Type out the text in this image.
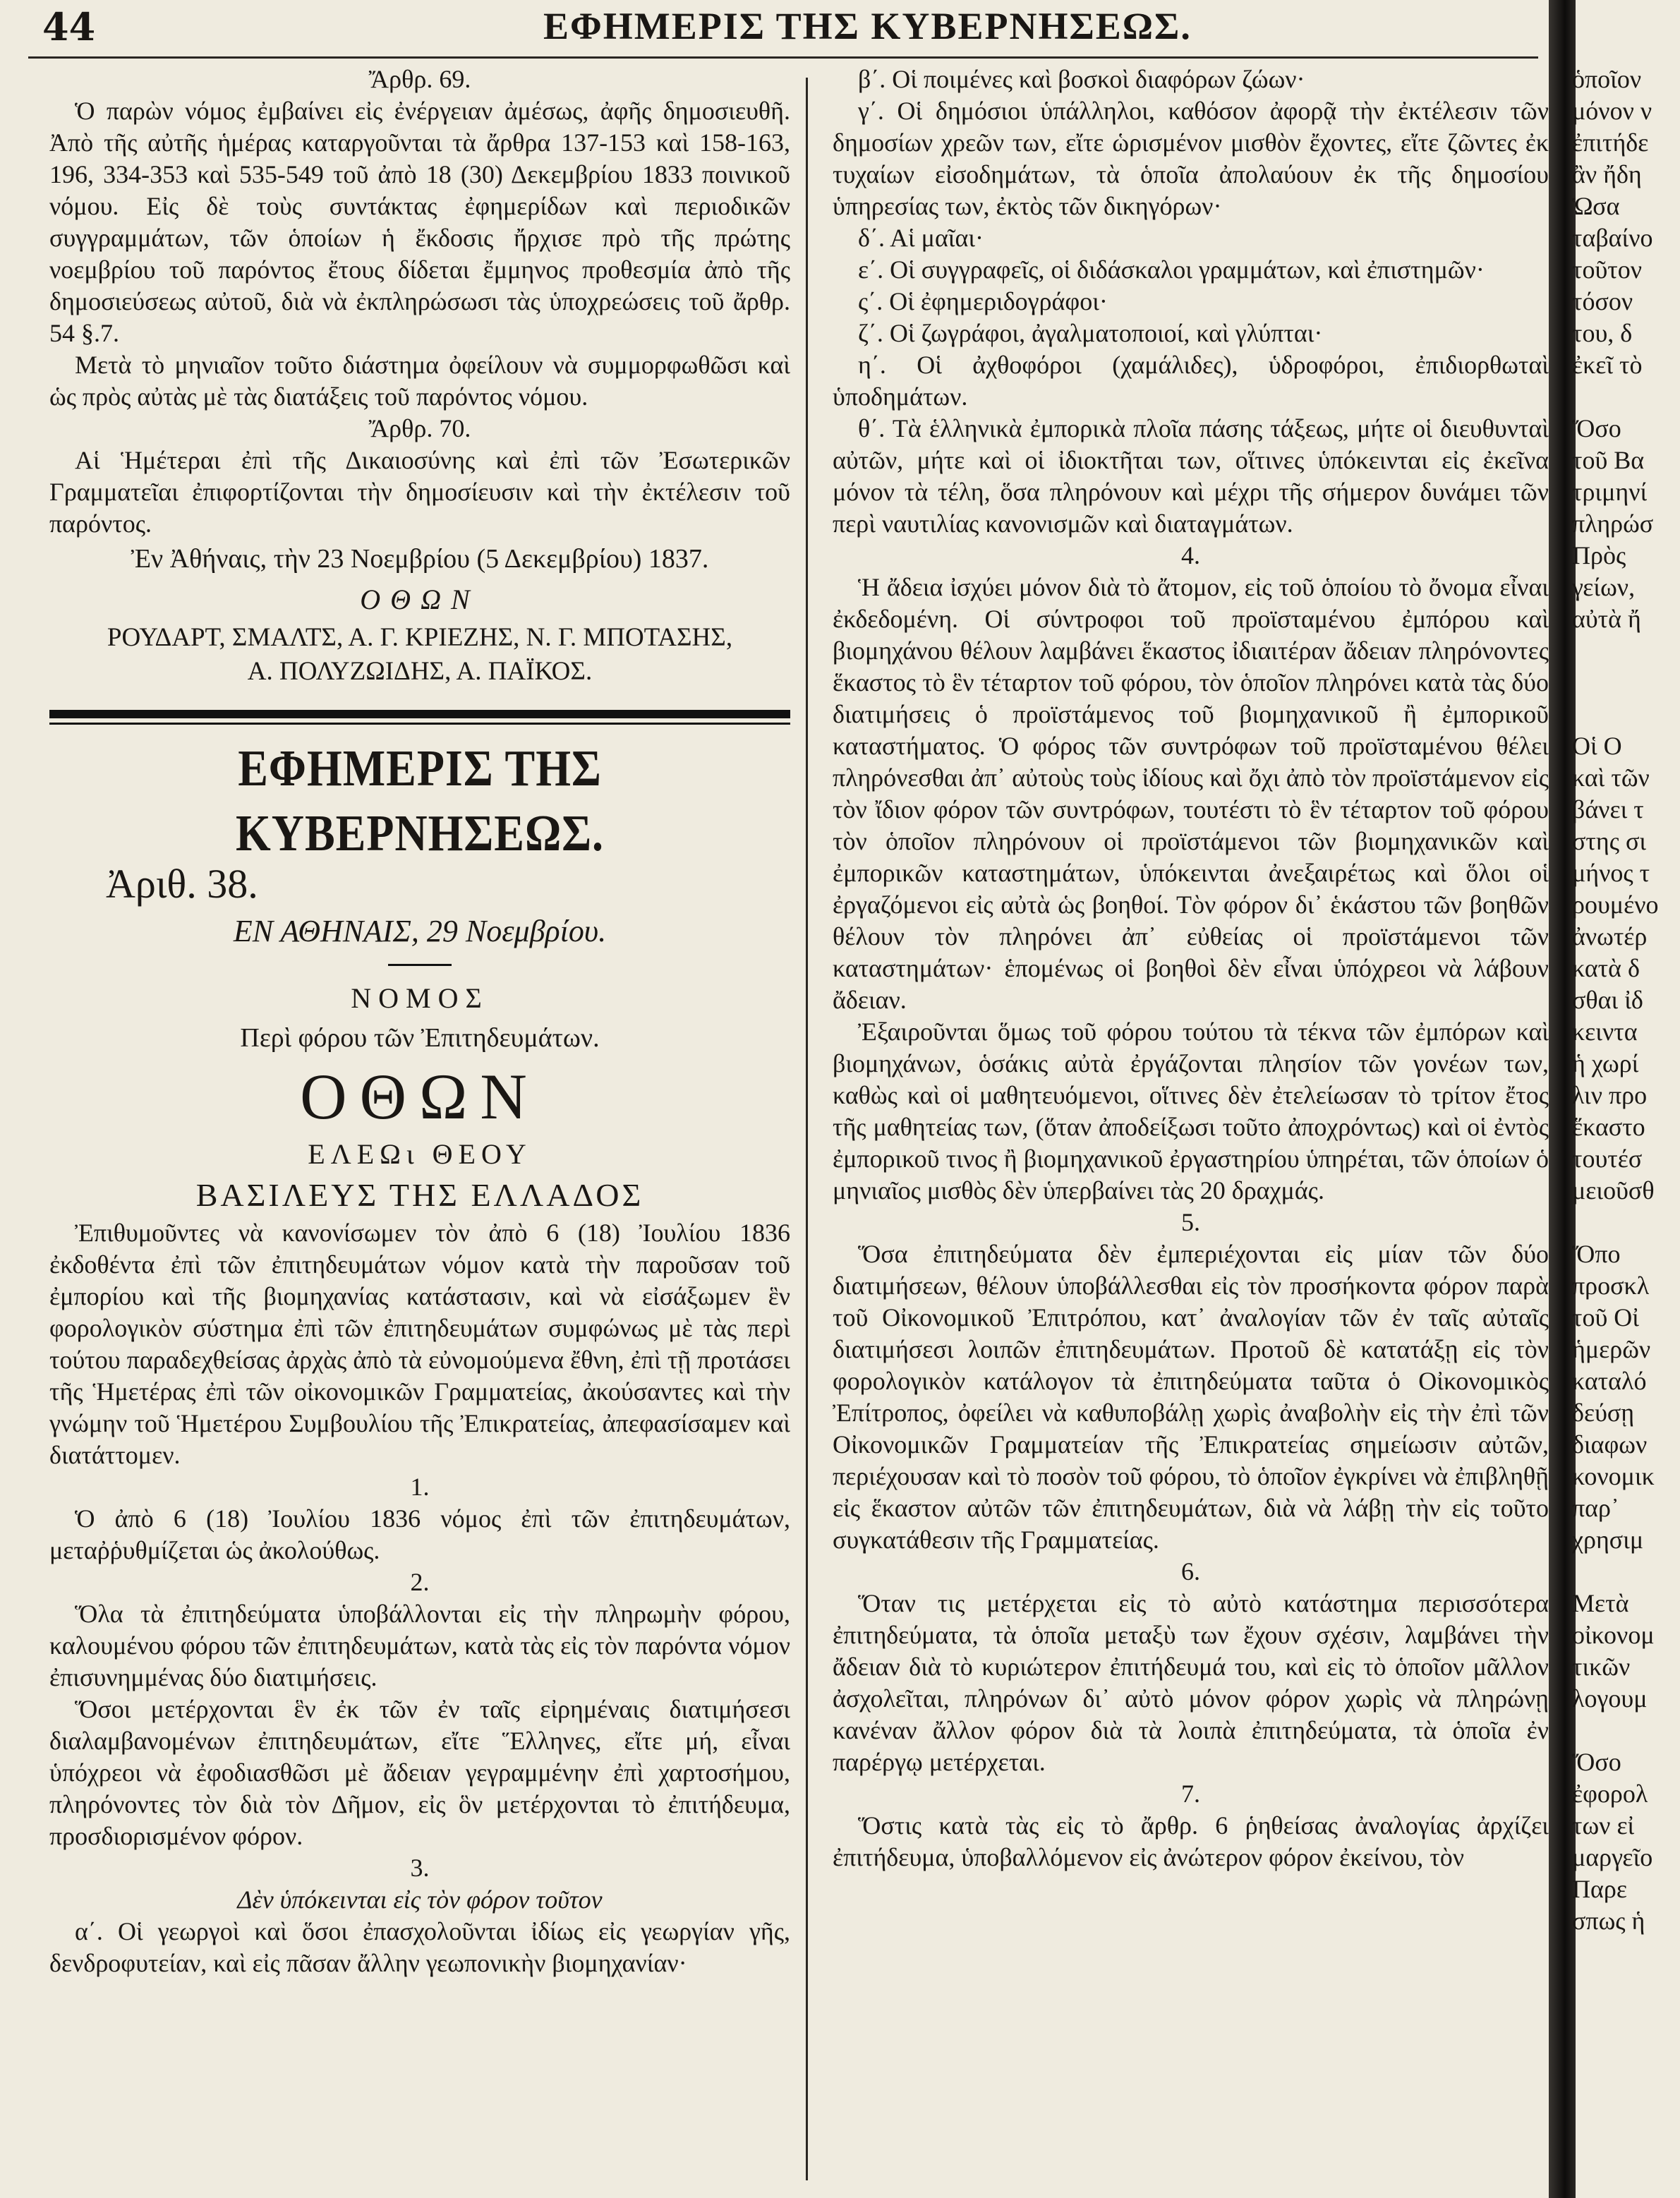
44	ΕΦΗΜΕΡΙΣ ΤΗΣ ΚΥΒΕΡΝΗΣΕΩΣ.
Ἄρθρ. 69.

Ὁ παρὼν νόμος ἐμβαίνει εἰς ἐνέργειαν ἀμέσως, ἀφῆς δημοσιευθῆ. Ἀπὸ τῆς αὐτῆς ἡμέρας καταργοῦνται τὰ ἄρθρα 137-153 καὶ 158-163, 196, 334-353 καὶ 535-549 τοῦ ἀπὸ 18 (30) Δεκεμβρίου 1833 ποινικοῦ νόμου. Εἰς δὲ τοὺς συντάκτας ἐφημερίδων καὶ περιοδικῶν συγγραμμάτων, τῶν ὁποίων ἡ ἔκδοσις ἤρχισε πρὸ τῆς πρώτης νοεμβρίου τοῦ παρόντος ἔτους δίδεται ἔμμηνος προθεσμία ἀπὸ τῆς δημοσιεύσεως αὐτοῦ, διὰ νὰ ἐκπληρώσωσι τὰς ὑποχρεώσεις τοῦ ἄρθρ. 54 §.7.

Μετὰ τὸ μηνιαῖον τοῦτο διάστημα ὀφείλουν νὰ συμμορφωθῶσι καὶ ὡς πρὸς αὐτὰς μὲ τὰς διατάξεις τοῦ παρόντος νόμου.

Ἄρθρ. 70.

Αἱ Ἡμέτεραι ἐπὶ τῆς Δικαιοσύνης καὶ ἐπὶ τῶν Ἐσωτερικῶν Γραμματεῖαι ἐπιφορτίζονται τὴν δημοσίευσιν καὶ τὴν ἐκτέλεσιν τοῦ παρόντος.

Ἐν Ἀθήναις, τὴν 23 Νοεμβρίου (5 Δεκεμβρίου) 1837.
ΟΘΩΝ
ΡΟΥΔΑΡΤ, ΣΜΑΛΤΣ, Α. Γ. ΚΡΙΕΖΗΣ, Ν. Γ. ΜΠΟΤΑΣΗΣ,
Α. ΠΟΛΥΖΩΙΔΗΣ, Α. ΠΑΪΚΟΣ.
ΕΦΗΜΕΡΙΣ ΤΗΣ ΚΥΒΕΡΝΗΣΕΩΣ.
Ἀριθ. 38.
ΕΝ ΑΘΗΝΑΙΣ, 29 Νοεμβρίου.
ΝΟΜΟΣ
Περὶ φόρου τῶν Ἐπιτηδευμάτων.
ΟΘΩΝ
ΕΛΕΩι ΘΕΟΥ
ΒΑΣΙΛΕΥΣ ΤΗΣ ΕΛΛΑΔΟΣ

Ἐπιθυμοῦντες νὰ κανονίσωμεν τὸν ἀπὸ 6 (18) Ἰουλίου 1836 ἐκδοθέντα ἐπὶ τῶν ἐπιτηδευμάτων νόμον κατὰ τὴν παροῦσαν τοῦ ἐμπορίου καὶ τῆς βιομηχανίας κατάστασιν, καὶ νὰ εἰσάξωμεν ἓν φορολογικὸν σύστημα ἐπὶ τῶν ἐπιτηδευμάτων συμφώνως μὲ τὰς περὶ τούτου παραδεχθείσας ἀρχὰς ἀπὸ τὰ εὐνομούμενα ἔθνη, ἐπὶ τῇ προτάσει τῆς Ἡμετέρας ἐπὶ τῶν οἰκονομικῶν Γραμματείας, ἀκούσαντες καὶ τὴν γνώμην τοῦ Ἡμετέρου Συμβουλίου τῆς Ἐπικρατείας, ἀπεφασίσαμεν καὶ διατάττομεν.

1.

Ὁ ἀπὸ 6 (18) Ἰουλίου 1836 νόμος ἐπὶ τῶν ἐπιτηδευμάτων, μεταῤῥυθμίζεται ὡς ἀκολούθως.

2.

Ὅλα τὰ ἐπιτηδεύματα ὑποβάλλονται εἰς τὴν πληρωμὴν φόρου, καλουμένου φόρου τῶν ἐπιτηδευμάτων, κατὰ τὰς εἰς τὸν παρόντα νόμον ἐπισυνημμένας δύο διατιμήσεις.

Ὅσοι μετέρχονται ἓν ἐκ τῶν ἐν ταῖς εἰρημέναις διατιμήσεσι διαλαμβανομένων ἐπιτηδευμάτων, εἴτε Ἕλληνες, εἴτε μή, εἶναι ὑπόχρεοι νὰ ἐφοδιασθῶσι μὲ ἄδειαν γεγραμμένην ἐπὶ χαρτοσήμου, πληρόνοντες τὸν διὰ τὸν Δῆμον, εἰς ὃν μετέρχονται τὸ ἐπιτήδευμα, προσδιορισμένον φόρον.

3.
Δὲν ὑπόκεινται εἰς τὸν φόρον τοῦτον

α΄. Οἱ γεωργοὶ καὶ ὅσοι ἐπασχολοῦνται ἰδίως εἰς γεωργίαν γῆς, δενδροφυτείαν, καὶ εἰς πᾶσαν ἄλλην γεωπονικὴν βιομηχανίαν·

β΄. Οἱ ποιμένες καὶ βοσκοὶ διαφόρων ζώων·

γ΄. Οἱ δημόσιοι ὑπάλληλοι, καθόσον ἀφορᾷ τὴν ἐκτέλεσιν τῶν δημοσίων χρεῶν των, εἴτε ὡρισμένον μισθὸν ἔχοντες, εἴτε ζῶντες ἐκ τυχαίων εἰσοδημάτων, τὰ ὁποῖα ἀπολαύουν ἐκ τῆς δημοσίου ὑπηρεσίας των, ἐκτὸς τῶν δικηγόρων·

δ΄. Αἱ μαῖαι·

ε΄. Οἱ συγγραφεῖς, οἱ διδάσκαλοι γραμμάτων, καὶ ἐπιστημῶν·

ς΄. Οἱ ἐφημεριδογράφοι·

ζ΄. Οἱ ζωγράφοι, ἀγαλματοποιοί, καὶ γλύπται·

η΄. Οἱ ἀχθοφόροι (χαμάλιδες), ὑδροφόροι, ἐπιδιορθωταὶ ὑποδημάτων.

θ΄. Τὰ ἑλληνικὰ ἐμπορικὰ πλοῖα πάσης τάξεως, μήτε οἱ διευθυνταὶ αὐτῶν, μήτε καὶ οἱ ἰδιοκτῆται των, οἵτινες ὑπόκεινται εἰς ἐκεῖνα μόνον τὰ τέλη, ὅσα πληρόνουν καὶ μέχρι τῆς σήμερον δυνάμει τῶν περὶ ναυτιλίας κανονισμῶν καὶ διαταγμάτων.

4.

Ἡ ἄδεια ἰσχύει μόνον διὰ τὸ ἄτομον, εἰς τοῦ ὁποίου τὸ ὄνομα εἶναι ἐκδεδομένη. Οἱ σύντροφοι τοῦ προϊσταμένου ἐμπόρου καὶ βιομηχάνου θέλουν λαμβάνει ἕκαστος ἰδιαιτέραν ἄδειαν πληρόνοντες ἕκαστος τὸ ἓν τέταρτον τοῦ φόρου, τὸν ὁποῖον πληρόνει κατὰ τὰς δύο διατιμήσεις ὁ προϊστάμενος τοῦ βιομηχανικοῦ ἢ ἐμπορικοῦ καταστήματος. Ὁ φόρος τῶν συντρόφων τοῦ προϊσταμένου θέλει πληρόνεσθαι ἀπ᾿ αὐτοὺς τοὺς ἰδίους καὶ ὄχι ἀπὸ τὸν προϊστάμενον εἰς τὸν ἴδιον φόρον τῶν συντρόφων, τουτέστι τὸ ἓν τέταρτον τοῦ φόρου τὸν ὁποῖον πληρόνουν οἱ προϊστάμενοι τῶν βιομηχανικῶν καὶ ἐμπορικῶν καταστημάτων, ὑπόκεινται ἀνεξαιρέτως καὶ ὅλοι οἱ ἐργαζόμενοι εἰς αὐτὰ ὡς βοηθοί. Τὸν φόρον δι᾿ ἑκάστου τῶν βοηθῶν θέλουν τὸν πληρόνει ἀπ᾿ εὐθείας οἱ προϊστάμενοι τῶν καταστημάτων· ἑπομένως οἱ βοηθοὶ δὲν εἶναι ὑπόχρεοι νὰ λάβουν ἄδειαν.

Ἐξαιροῦνται ὅμως τοῦ φόρου τούτου τὰ τέκνα τῶν ἐμπόρων καὶ βιομηχάνων, ὁσάκις αὐτὰ ἐργάζονται πλησίον τῶν γονέων των, καθὼς καὶ οἱ μαθητευόμενοι, οἵτινες δὲν ἐτελείωσαν τὸ τρίτον ἔτος τῆς μαθητείας των, (ὅταν ἀποδείξωσι τοῦτο ἀποχρόντως) καὶ οἱ ἐντὸς ἐμπορικοῦ τινος ἢ βιομηχανικοῦ ἐργαστηρίου ὑπηρέται, τῶν ὁποίων ὁ μηνιαῖος μισθὸς δὲν ὑπερβαίνει τὰς 20 δραχμάς.

5.

Ὅσα ἐπιτηδεύματα δὲν ἐμπεριέχονται εἰς μίαν τῶν δύο διατιμήσεων, θέλουν ὑποβάλλεσθαι εἰς τὸν προσήκοντα φόρον παρὰ τοῦ Οἰκονομικοῦ Ἐπιτρόπου, κατ᾿ ἀναλογίαν τῶν ἐν ταῖς αὐταῖς διατιμήσεσι λοιπῶν ἐπιτηδευμάτων. Προτοῦ δὲ κατατάξῃ εἰς τὸν φορολογικὸν κατάλογον τὰ ἐπιτηδεύματα ταῦτα ὁ Οἰκονομικὸς Ἐπίτροπος, ὀφείλει νὰ καθυποβάλῃ χωρὶς ἀναβολὴν εἰς τὴν ἐπὶ τῶν Οἰκονομικῶν Γραμματείαν τῆς Ἐπικρατείας σημείωσιν αὐτῶν, περιέχουσαν καὶ τὸ ποσὸν τοῦ φόρου, τὸ ὁποῖον ἐγκρίνει νὰ ἐπιβληθῇ εἰς ἕκαστον αὐτῶν τῶν ἐπιτηδευμάτων, διὰ νὰ λάβῃ τὴν εἰς τοῦτο συγκατάθεσιν τῆς Γραμματείας.

6.

Ὅταν τις μετέρχεται εἰς τὸ αὐτὸ κατάστημα περισσότερα ἐπιτηδεύματα, τὰ ὁποῖα μεταξὺ των ἔχουν σχέσιν, λαμβάνει τὴν ἄδειαν διὰ τὸ κυριώτερον ἐπιτήδευμά του, καὶ εἰς τὸ ὁποῖον μᾶλλον ἀσχολεῖται, πληρόνων δι᾿ αὐτὸ μόνον φόρον χωρὶς νὰ πληρώνῃ κανέναν ἄλλον φόρον διὰ τὰ λοιπὰ ἐπιτηδεύματα, τὰ ὁποῖα ἐν παρέργῳ μετέρχεται.

7.

Ὅστις κατὰ τὰς εἰς τὸ ἄρθρ. 6 ῥηθείσας ἀναλογίας ἀρχίζει ἐπιτήδευμα, ὑποβαλλόμενον εἰς ἀνώτερον φόρον ἐκείνου, τὸν

ὁποῖον

μόνον ν

ἐπιτήδε

ἂν ἤδη

Ὡσα

ταβαίνο

τοῦτον

τόσον

του, δ

ἐκεῖ τὸ

Ὅσο

τοῦ Βα

τριμηνί

πληρώσ

Πρὸς

γείων,

αὐτὰ ἤ

Οἱ Ο

καὶ τῶν

βάνει τ

στης σι

μήνος τ

ρουμένο

ἀνωτέρ

κατὰ δ

σθαι ἰδ

κειντα

ἡ χωρί

λιν προ

ἕκαστο

τουτέσ

μειοῦσθ

Ὅπο

προσκλ

τοῦ Οἰ

ἡμερῶν

καταλό

δεύσῃ

διαφων

κονομικ

παρ᾿

χρησιμ

Μετὰ

οἰκονομ

τικῶν

λογουμ

Ὅσο

ἐφορολ

των εἰ

μαργεῖο

Παρε

σπως ἡ
